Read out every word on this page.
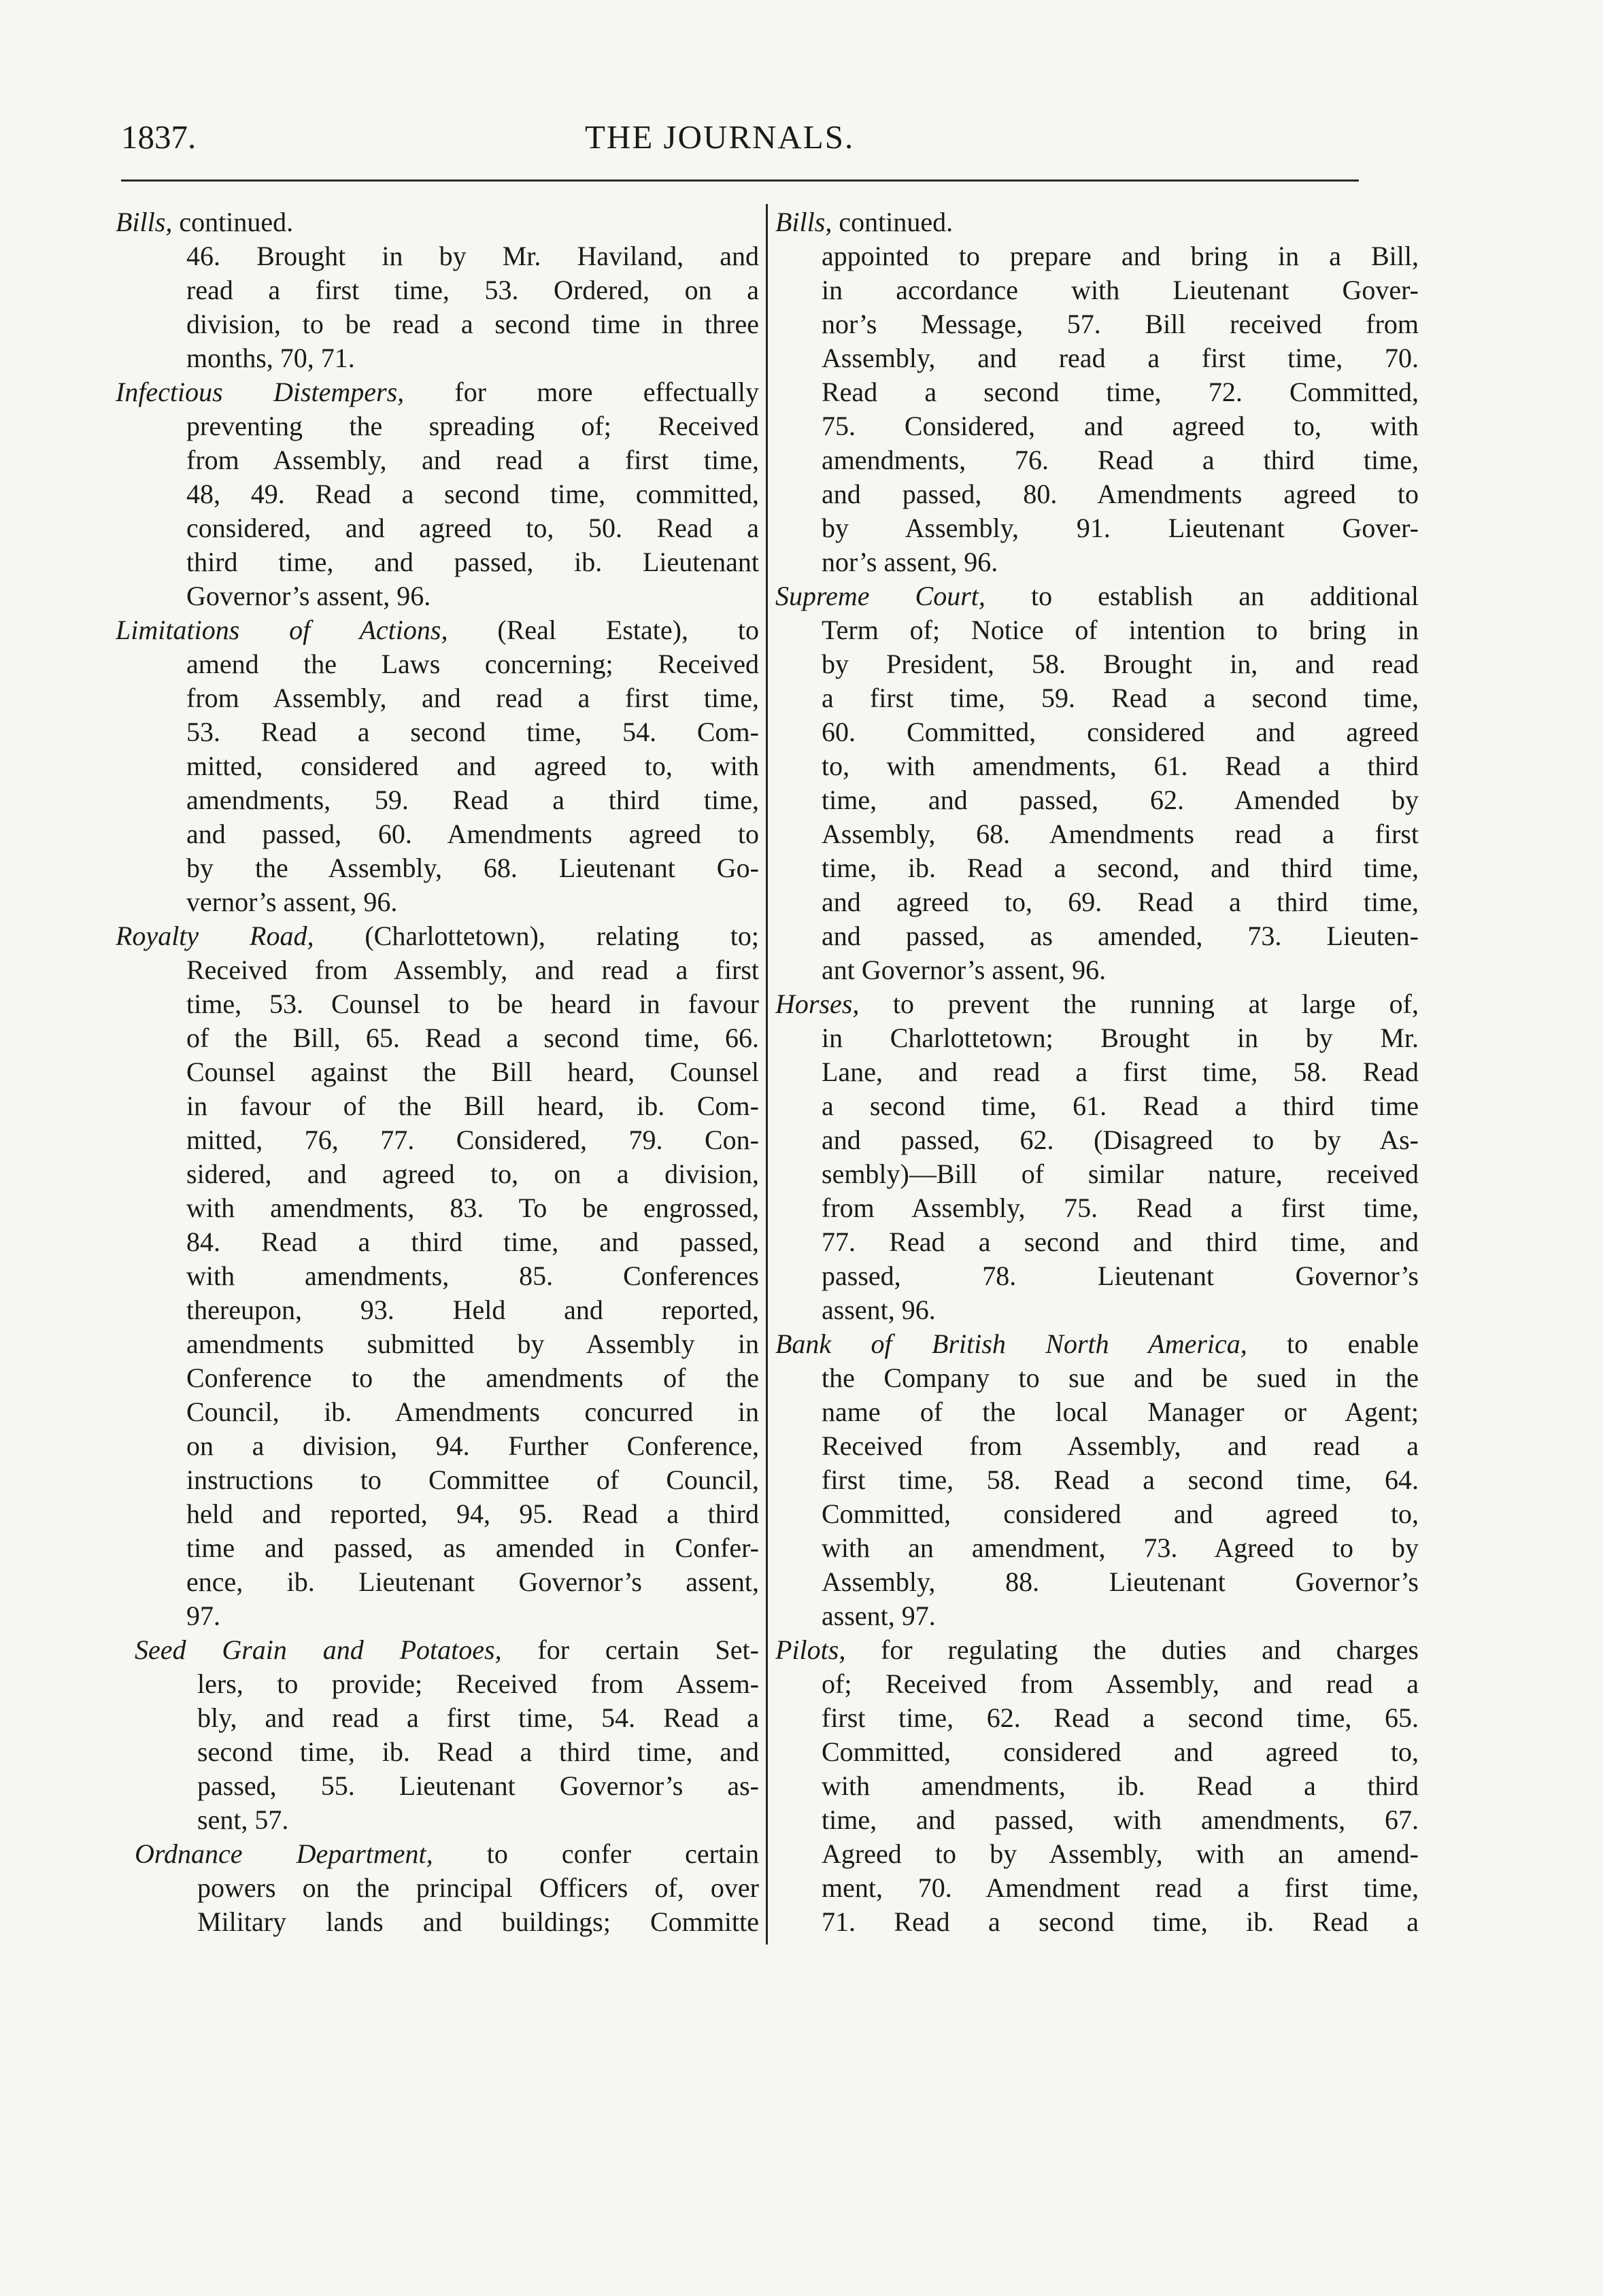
1837.	THE JOURNALS.
Bills, continued.
46. Brought in by Mr. Haviland, and
read a first time, 53. Ordered, on a
division, to be read a second time in three
months, 70, 71.
Infectious Distempers, for more effectually
preventing the spreading of; Received
from Assembly, and read a first time,
48, 49. Read a second time, committed,
considered, and agreed to, 50. Read a
third time, and passed, ib. Lieutenant
Governor’s assent, 96.
Limitations of Actions, (Real Estate), to
amend the Laws concerning; Received
from Assembly, and read a first time,
53. Read a second time, 54. Com-
mitted, considered and agreed to, with
amendments, 59. Read a third time,
and passed, 60. Amendments agreed to
by the Assembly, 68. Lieutenant Go-
vernor’s assent, 96.
Royalty Road, (Charlottetown), relating to;
Received from Assembly, and read a first
time, 53. Counsel to be heard in favour
of the Bill, 65. Read a second time, 66.
Counsel against the Bill heard, Counsel
in favour of the Bill heard, ib. Com-
mitted, 76, 77. Considered, 79. Con-
sidered, and agreed to, on a division,
with amendments, 83. To be engrossed,
84. Read a third time, and passed,
with amendments, 85. Conferences
thereupon, 93. Held and reported,
amendments submitted by Assembly in
Conference to the amendments of the
Council, ib. Amendments concurred in
on a division, 94. Further Conference,
instructions to Committee of Council,
held and reported, 94, 95. Read a third
time and passed, as amended in Confer-
ence, ib. Lieutenant Governor’s assent,
97.
Seed Grain and Potatoes, for certain Set-
lers, to provide; Received from Assem-
bly, and read a first time, 54. Read a
second time, ib. Read a third time, and
passed, 55. Lieutenant Governor’s as-
sent, 57.
Ordnance Department, to confer certain
powers on the principal Officers of, over
Military lands and buildings; Committe
Bills, continued.
appointed to prepare and bring in a Bill,
in accordance with Lieutenant Gover-
nor’s Message, 57. Bill received from
Assembly, and read a first time, 70.
Read a second time, 72. Committed,
75. Considered, and agreed to, with
amendments, 76. Read a third time,
and passed, 80. Amendments agreed to
by Assembly, 91. Lieutenant Gover-
nor’s assent, 96.
Supreme Court, to establish an additional
Term of; Notice of intention to bring in
by President, 58. Brought in, and read
a first time, 59. Read a second time,
60. Committed, considered and agreed
to, with amendments, 61. Read a third
time, and passed, 62. Amended by
Assembly, 68. Amendments read a first
time, ib. Read a second, and third time,
and agreed to, 69. Read a third time,
and passed, as amended, 73. Lieuten-
ant Governor’s assent, 96.
Horses, to prevent the running at large of,
in Charlottetown; Brought in by Mr.
Lane, and read a first time, 58. Read
a second time, 61. Read a third time
and passed, 62. (Disagreed to by As-
sembly)—Bill of similar nature, received
from Assembly, 75. Read a first time,
77. Read a second and third time, and
passed, 78. Lieutenant Governor’s
assent, 96.
Bank of British North America, to enable
the Company to sue and be sued in the
name of the local Manager or Agent;
Received from Assembly, and read a
first time, 58. Read a second time, 64.
Committed, considered and agreed to,
with an amendment, 73. Agreed to by
Assembly, 88. Lieutenant Governor’s
assent, 97.
Pilots, for regulating the duties and charges
of; Received from Assembly, and read a
first time, 62. Read a second time, 65.
Committed, considered and agreed to,
with amendments, ib. Read a third
time, and passed, with amendments, 67.
Agreed to by Assembly, with an amend-
ment, 70. Amendment read a first time,
71. Read a second time, ib. Read a
